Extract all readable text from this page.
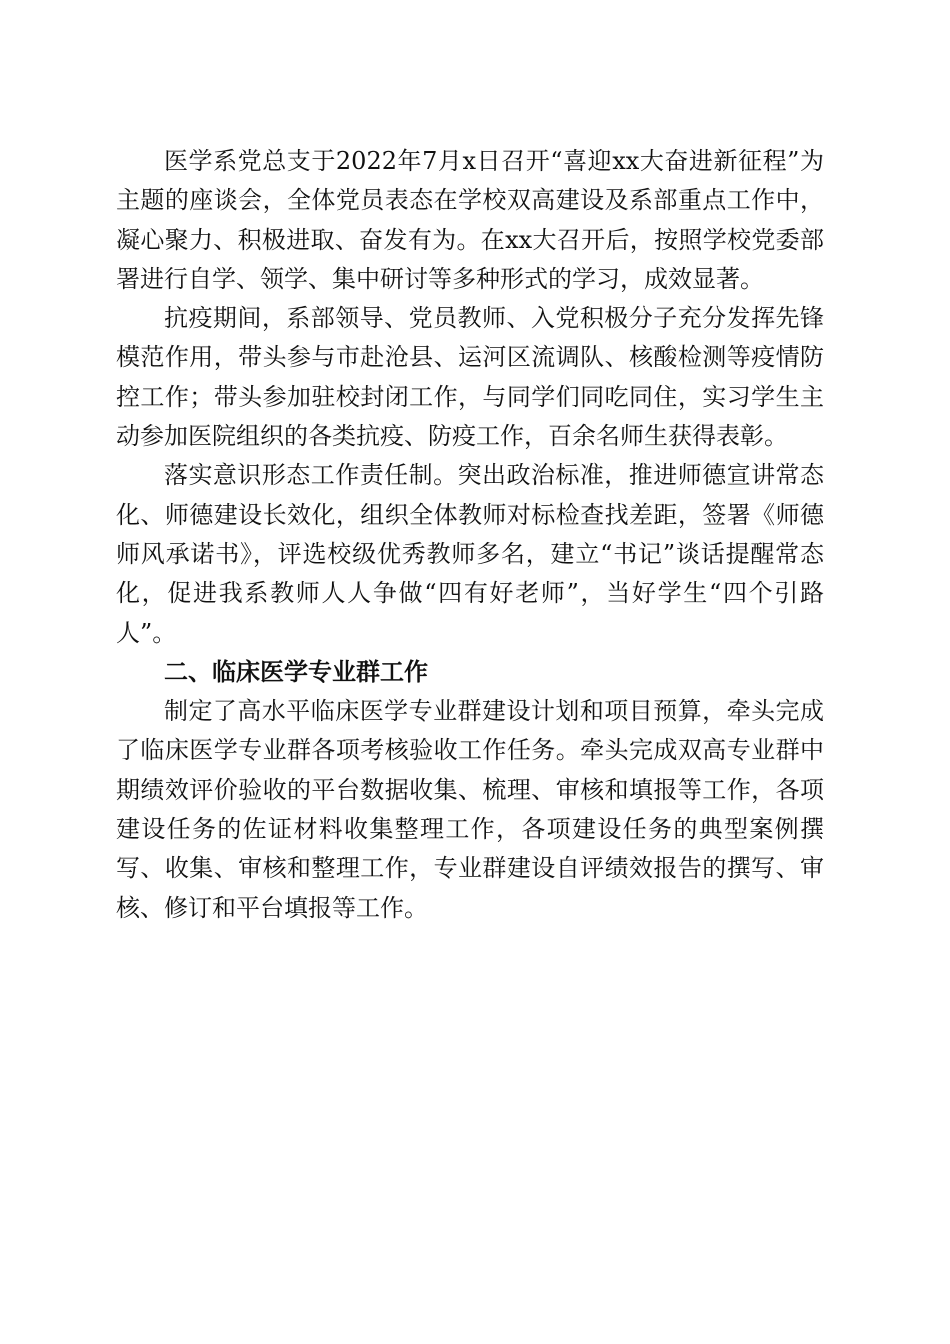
医学系党总支于2022年7月x日召开“喜迎xx大奋进新征程”为主题的座谈会，全体党员表态在学校双高建设及系部重点工作中，凝心聚力、积极进取、奋发有为。在xx大召开后，按照学校党委部署进行自学、领学、集中研讨等多种形式的学习，成效显著。

抗疫期间，系部领导、党员教师、入党积极分子充分发挥先锋模范作用，带头参与市赴沧县、运河区流调队、核酸检测等疫情防控工作；带头参加驻校封闭工作，与同学们同吃同住，实习学生主动参加医院组织的各类抗疫、防疫工作，百余名师生获得表彰。

落实意识形态工作责任制。突出政治标准，推进师德宣讲常态化、师德建设长效化，组织全体教师对标检查找差距，签署《师德师风承诺书》，评选校级优秀教师多名，建立“书记”谈话提醒常态化，促进我系教师人人争做“四有好老师”，当好学生“四个引路人”。

二、临床医学专业群工作

制定了高水平临床医学专业群建设计划和项目预算，牵头完成了临床医学专业群各项考核验收工作任务。牵头完成双高专业群中期绩效评价验收的平台数据收集、梳理、审核和填报等工作，各项建设任务的佐证材料收集整理工作，各项建设任务的典型案例撰写、收集、审核和整理工作，专业群建设自评绩效报告的撰写、审核、修订和平台填报等工作。
